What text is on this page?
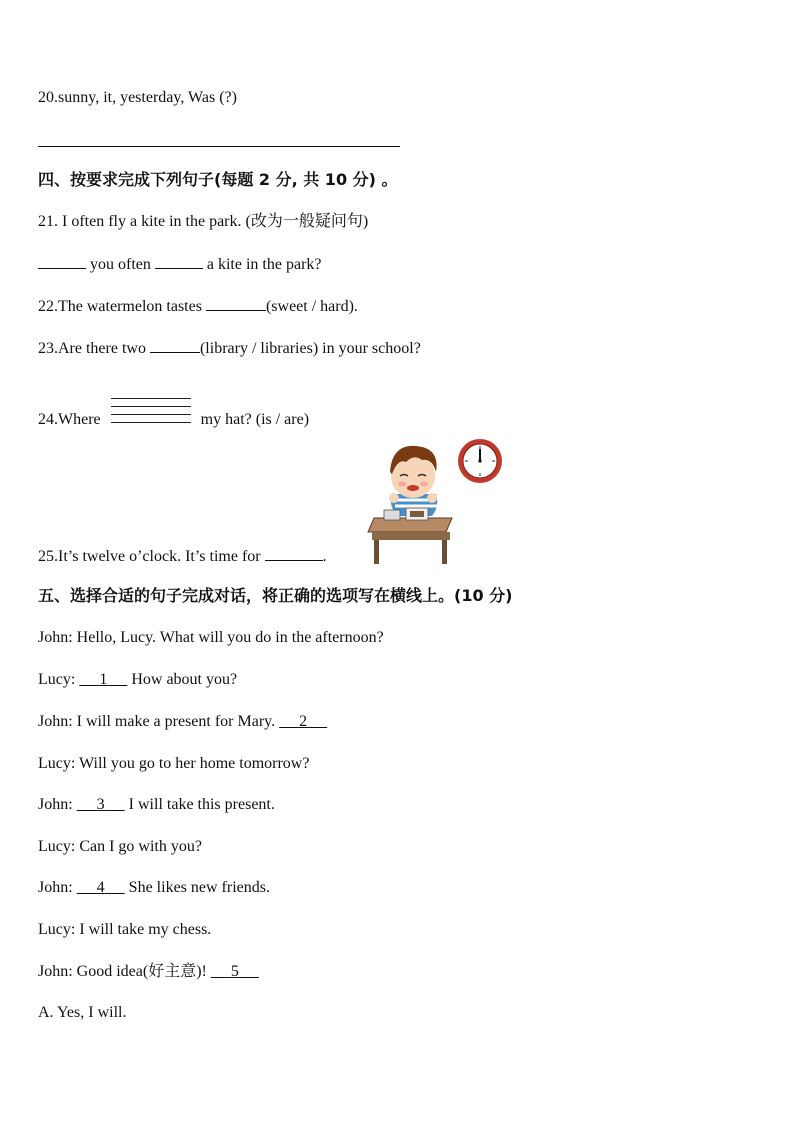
20.sunny, it, yesterday, Was (?)
四、按要求完成下列句子(每题 2 分, 共 10 分) 。
21. I often fly a kite in the park. (改为一般疑问句)
you often	a kite in the park?
22.The watermelon tastes	(sweet / hard).
23.Are there two	(library / libraries) in your school?
24.Where	my hat? (is / are)
25.It’s twelve o’clock. It’s time for	.
五、选择合适的句子完成对话，将正确的选项写在横线上。(10 分)
John: Hello, Lucy. What will you do in the afternoon?
Lucy:      1      How about you?
John: I will make a present for Mary.      2
Lucy: Will you go to her home tomorrow?
John:      3      I will take this present.
Lucy: Can I go with you?
John:      4      She likes new friends.
Lucy: I will take my chess.
John: Good idea(好主意)!      5
A. Yes, I will.
